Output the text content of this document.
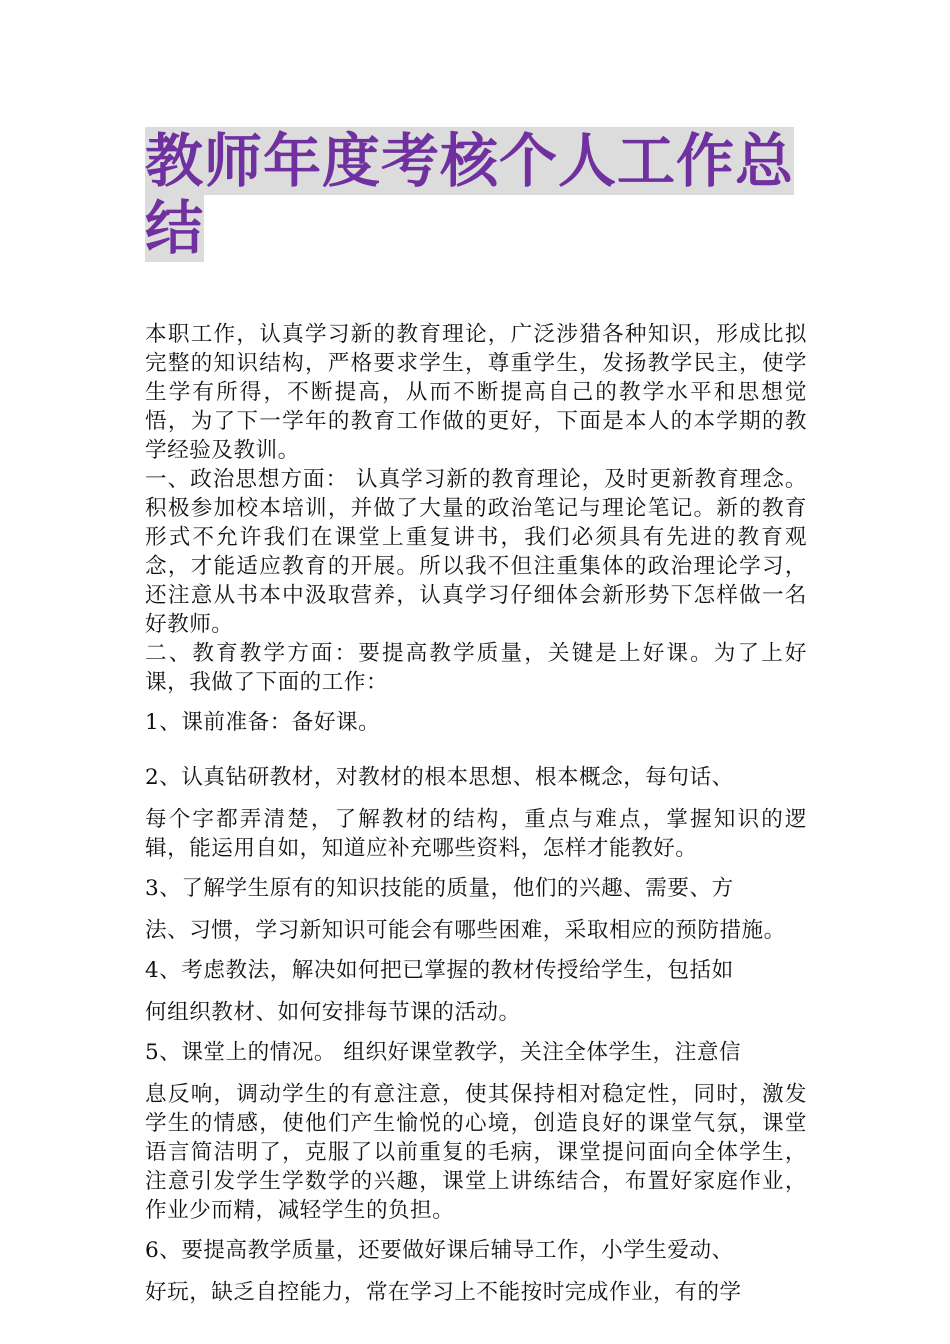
教师年度考核个人工作总结

本职工作，认真学习新的教育理论，广泛涉猎各种知识，形成比拟完整的知识结构，严格要求学生，尊重学生，发扬教学民主，使学生学有所得，不断提高，从而不断提高自己的教学水平和思想觉悟，为了下一学年的教育工作做的更好，下面是本人的本学期的教学经验及教训。

一、政治思想方面： 认真学习新的教育理论，及时更新教育理念。积极参加校本培训，并做了大量的政治笔记与理论笔记。新的教育形式不允许我们在课堂上重复讲书，我们必须具有先进的教育观念，才能适应教育的开展。所以我不但注重集体的政治理论学习，还注意从书本中汲取营养，认真学习仔细体会新形势下怎样做一名好教师。

二、教育教学方面：要提高教学质量，关键是上好课。为了上好课，我做了下面的工作：

1、课前准备：备好课。

2、认真钻研教材，对教材的根本思想、根本概念，每句话、
每个字都弄清楚，了解教材的结构，重点与难点，掌握知识的逻辑，能运用自如，知道应补充哪些资料，怎样才能教好。

3、了解学生原有的知识技能的质量，他们的兴趣、需要、方
法、习惯，学习新知识可能会有哪些困难，采取相应的预防措施。

4、考虑教法，解决如何把已掌握的教材传授给学生，包括如
何组织教材、如何安排每节课的活动。

5、课堂上的情况。 组织好课堂教学，关注全体学生，注意信
息反响，调动学生的有意注意，使其保持相对稳定性，同时，激发学生的情感，使他们产生愉悦的心境，创造良好的课堂气氛，课堂语言简洁明了，克服了以前重复的毛病，课堂提问面向全体学生，注意引发学生学数学的兴趣，课堂上讲练结合，布置好家庭作业，作业少而精，减轻学生的负担。

6、要提高教学质量，还要做好课后辅导工作，小学生爱动、
好玩，缺乏自控能力，常在学习上不能按时完成作业，有的学
